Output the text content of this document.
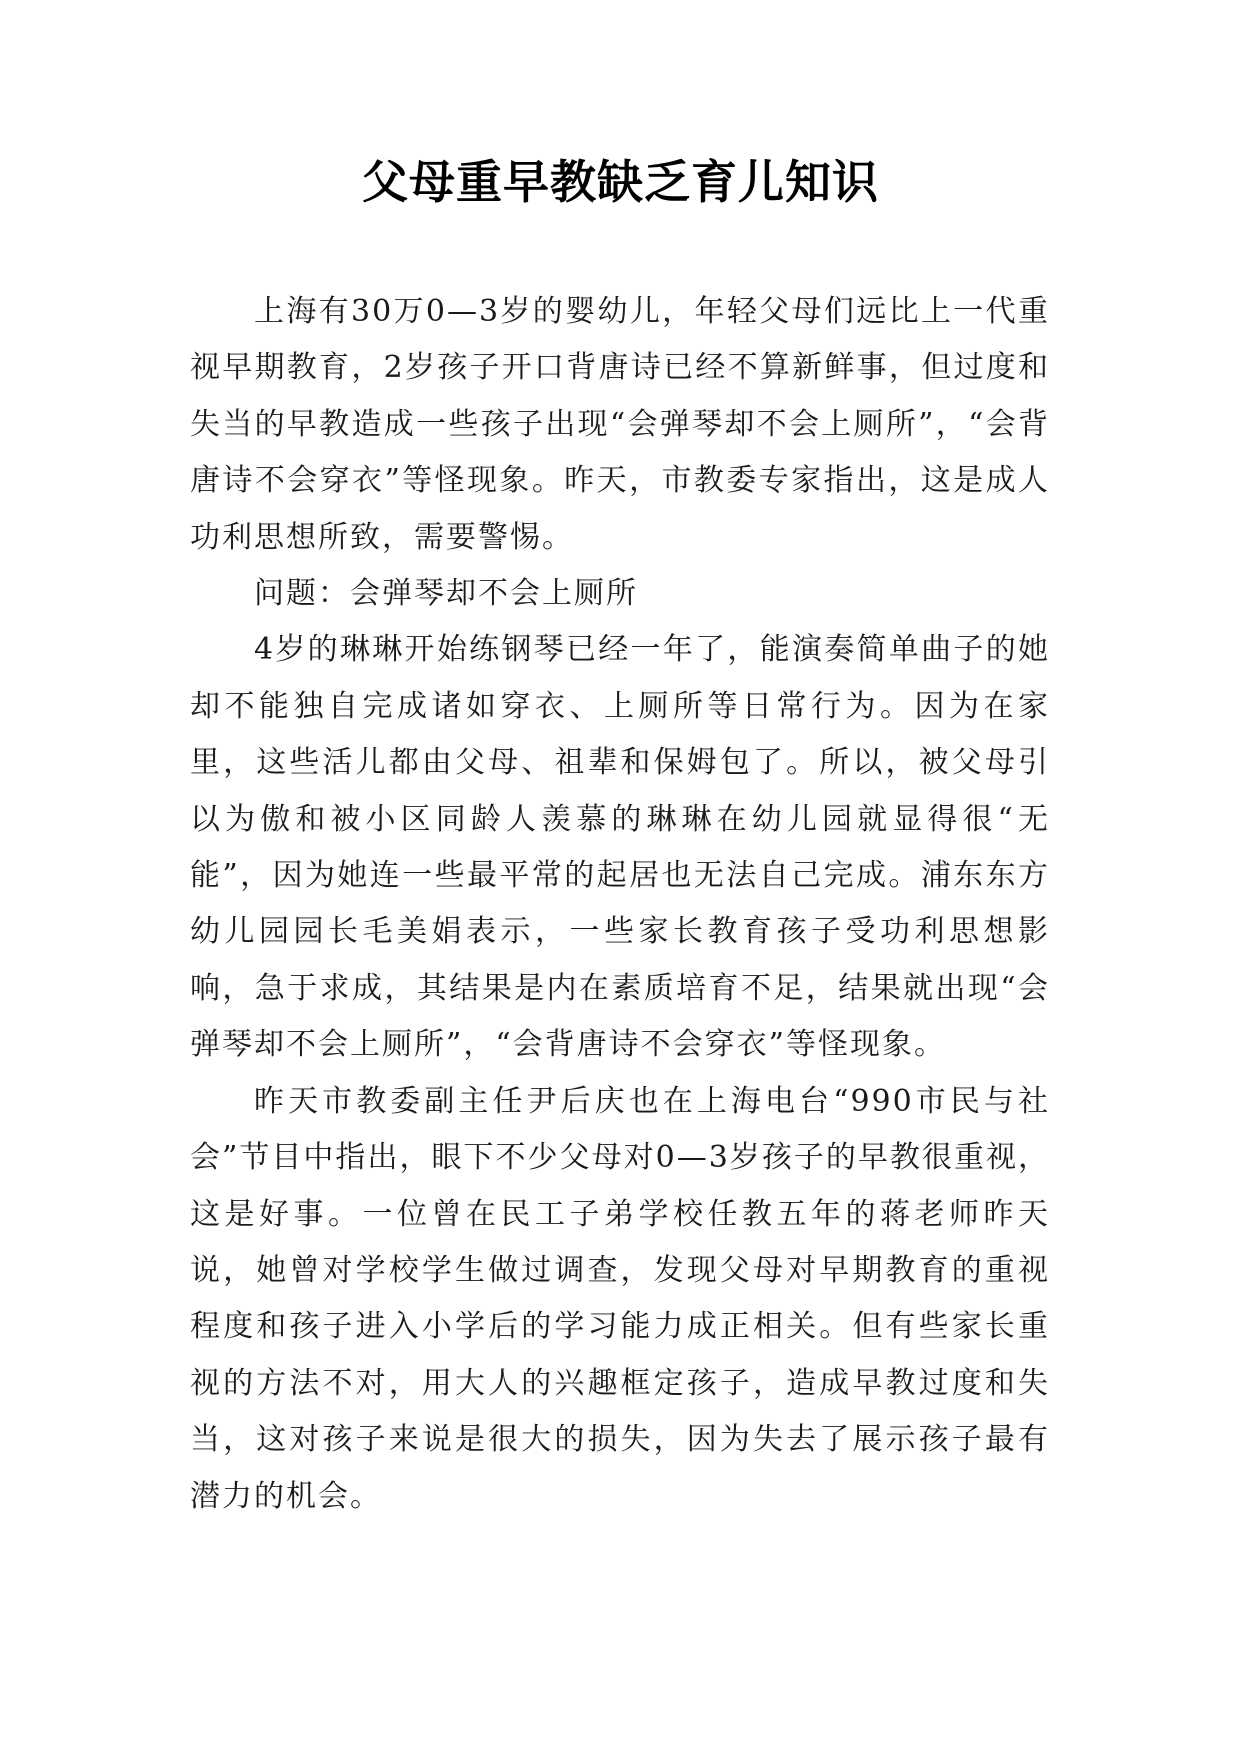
父母重早教缺乏育儿知识

上海有30万0—3岁的婴幼儿，年轻父母们远比上一代重视早期教育，2岁孩子开口背唐诗已经不算新鲜事，但过度和失当的早教造成一些孩子出现“会弹琴却不会上厕所”，“会背唐诗不会穿衣”等怪现象。昨天，市教委专家指出，这是成人功利思想所致，需要警惕。

问题：会弹琴却不会上厕所

4岁的琳琳开始练钢琴已经一年了，能演奏简单曲子的她却不能独自完成诸如穿衣、上厕所等日常行为。因为在家里，这些活儿都由父母、祖辈和保姆包了。所以，被父母引以为傲和被小区同龄人羡慕的琳琳在幼儿园就显得很“无能”，因为她连一些最平常的起居也无法自己完成。浦东东方幼儿园园长毛美娟表示，一些家长教育孩子受功利思想影响，急于求成，其结果是内在素质培育不足，结果就出现“会弹琴却不会上厕所”，“会背唐诗不会穿衣”等怪现象。

昨天市教委副主任尹后庆也在上海电台“990市民与社会”节目中指出，眼下不少父母对0—3岁孩子的早教很重视，这是好事。一位曾在民工子弟学校任教五年的蒋老师昨天说，她曾对学校学生做过调查，发现父母对早期教育的重视程度和孩子进入小学后的学习能力成正相关。但有些家长重视的方法不对，用大人的兴趣框定孩子，造成早教过度和失当，这对孩子来说是很大的损失，因为失去了展示孩子最有潜力的机会。
